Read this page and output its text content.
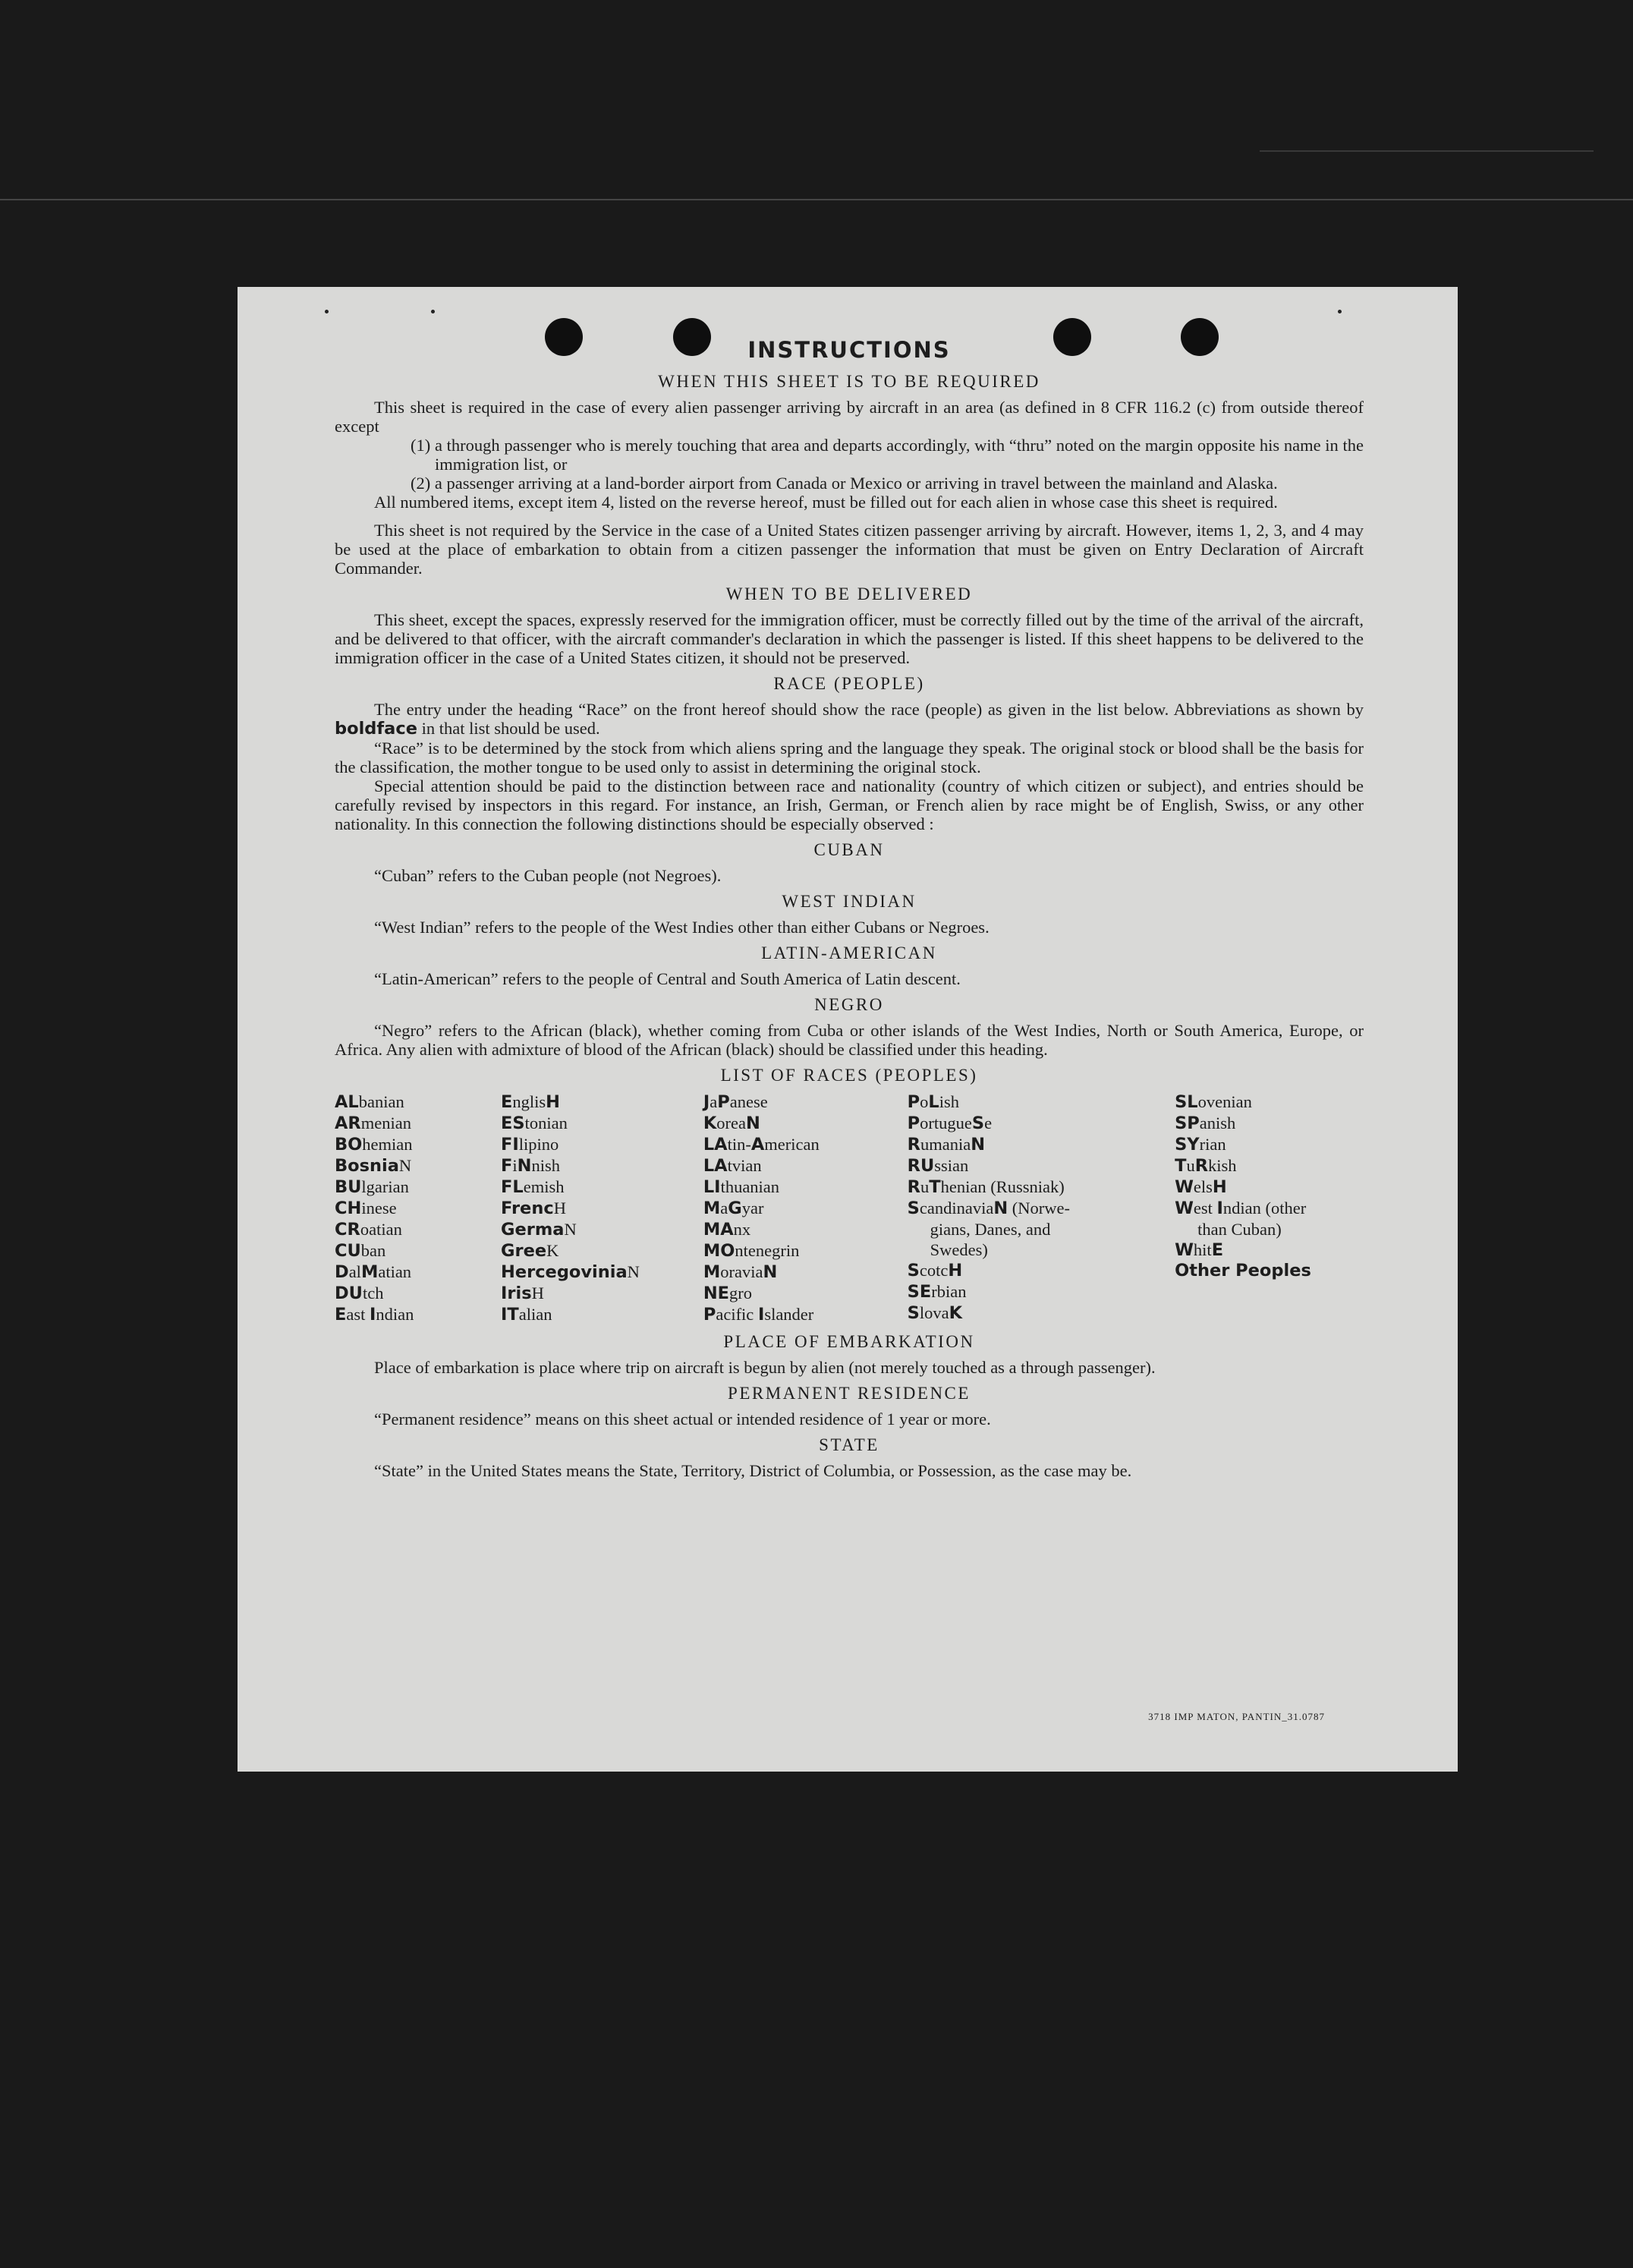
INSTRUCTIONS
WHEN THIS SHEET IS TO BE REQUIRED

This sheet is required in the case of every alien passenger arriving by aircraft in an area (as defined in 8 CFR 116.2 (c) from outside thereof except

(1) a through passenger who is merely touching that area and departs accordingly, with “thru” noted on the margin opposite his name in the immigration list, or

(2) a passenger arriving at a land-border airport from Canada or Mexico or arriving in travel between the mainland and Alaska.

All numbered items, except item 4, listed on the reverse hereof, must be filled out for each alien in whose case this sheet is required.

This sheet is not required by the Service in the case of a United States citizen passenger arriving by aircraft. However, items 1, 2, 3, and 4 may be used at the place of embarkation to obtain from a citizen passenger the information that must be given on Entry Declaration of Aircraft Commander.

WHEN TO BE DELIVERED

This sheet, except the spaces, expressly reserved for the immigration officer, must be correctly filled out by the time of the arrival of the aircraft, and be delivered to that officer, with the aircraft commander's declaration in which the passenger is listed. If this sheet happens to be delivered to the immigration officer in the case of a United States citizen, it should not be preserved.

RACE (PEOPLE)

The entry under the heading “Race” on the front hereof should show the race (people) as given in the list below. Abbreviations as shown by boldface in that list should be used.

“Race” is to be determined by the stock from which aliens spring and the language they speak. The original stock or blood shall be the basis for the classification, the mother tongue to be used only to assist in determining the original stock.

Special attention should be paid to the distinction between race and nationality (country of which citizen or subject), and entries should be carefully revised by inspectors in this regard. For instance, an Irish, German, or French alien by race might be of English, Swiss, or any other nationality. In this connection the following distinctions should be especially observed :

CUBAN

“Cuban” refers to the Cuban people (not Negroes).

WEST INDIAN

“West Indian” refers to the people of the West Indies other than either Cubans or Negroes.

LATIN-AMERICAN

“Latin-American” refers to the people of Central and South America of Latin descent.

NEGRO

“Negro” refers to the African (black), whether coming from Cuba or other islands of the West Indies, North or South America, Europe, or Africa. Any alien with admixture of blood of the African (black) should be classified under this heading.

LIST OF RACES (PEOPLES)
ALbanian
ARmenian
BOhemian
BosniaN
BUlgarian
CHinese
CRoatian
CUban
DalMatian
DUtch
East Indian
EnglisH
EStonian
FIlipino
FiNnish
FLemish
FrencH
GermaN
GreeK
HercegoviniaN
IrisH
ITalian
JaPanese
KoreaN
LAtin-American
LAtvian
LIthuanian
MaGyar
MAnx
MOntenegrin
MoraviaN
NEgro
Pacific Islander
PoLish
PortugueSe
RumaniaN
RUssian
RuThenian (Russniak)
ScandinaviaN (Norwe-
gians, Danes, and
Swedes)
ScotcH
SErbian
SlovaK
SLovenian
SPanish
SYrian
TuRkish
WelsH
West Indian (other
than Cuban)
WhitE
Other Peoples
PLACE OF EMBARKATION

Place of embarkation is place where trip on aircraft is begun by alien (not merely touched as a through passenger).

PERMANENT RESIDENCE

“Permanent residence” means on this sheet actual or intended residence of 1 year or more.

STATE

“State” in the United States means the State, Territory, District of Columbia, or Possession, as the case may be.

3718 IMP MATON, PANTIN_31.0787
